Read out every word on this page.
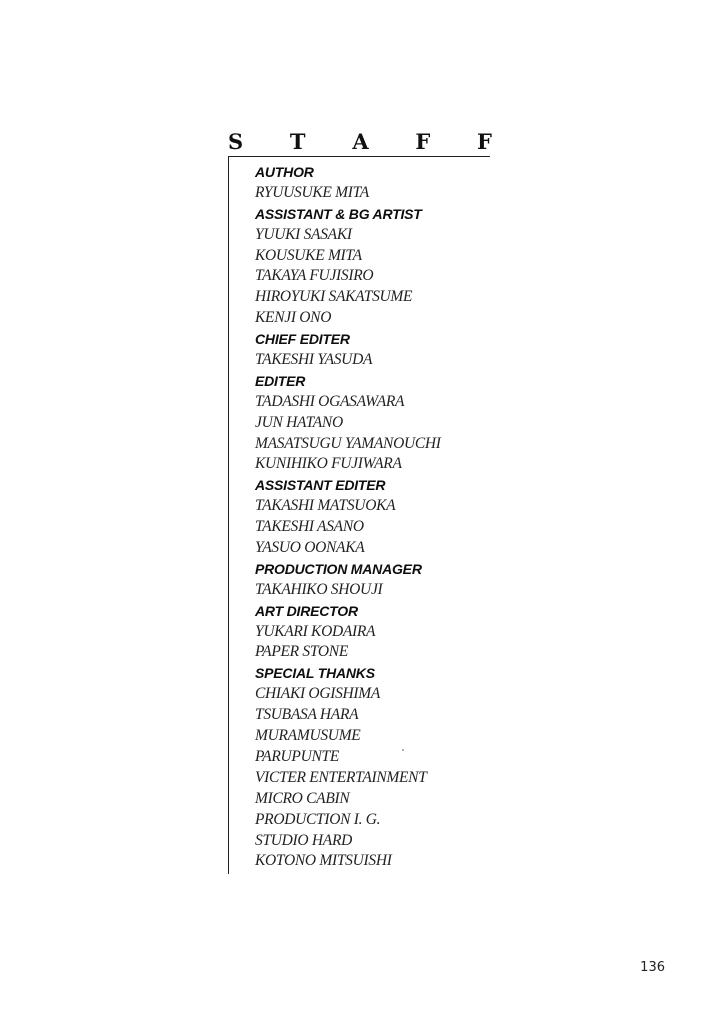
S T A F F
AUTHOR
RYUUSUKE MITA
ASSISTANT & BG ARTIST
YUUKI SASAKI
KOUSUKE MITA
TAKAYA FUJISIRO
HIROYUKI SAKATSUME
KENJI ONO
CHIEF EDITER
TAKESHI YASUDA
EDITER
TADASHI OGASAWARA
JUN HATANO
MASATSUGU YAMANOUCHI
KUNIHIKO FUJIWARA
ASSISTANT EDITER
TAKASHI MATSUOKA
TAKESHI ASANO
YASUO OONAKA
PRODUCTION MANAGER
TAKAHIKO SHOUJI
ART DIRECTOR
YUKARI KODAIRA
PAPER STONE
SPECIAL THANKS
CHIAKI OGISHIMA
TSUBASA HARA
MURAMUSUME
PARUPUNTE
VICTER ENTERTAINMENT
MICRO CABIN
PRODUCTION I. G.
STUDIO HARD
KOTONO MITSUISHI
136
